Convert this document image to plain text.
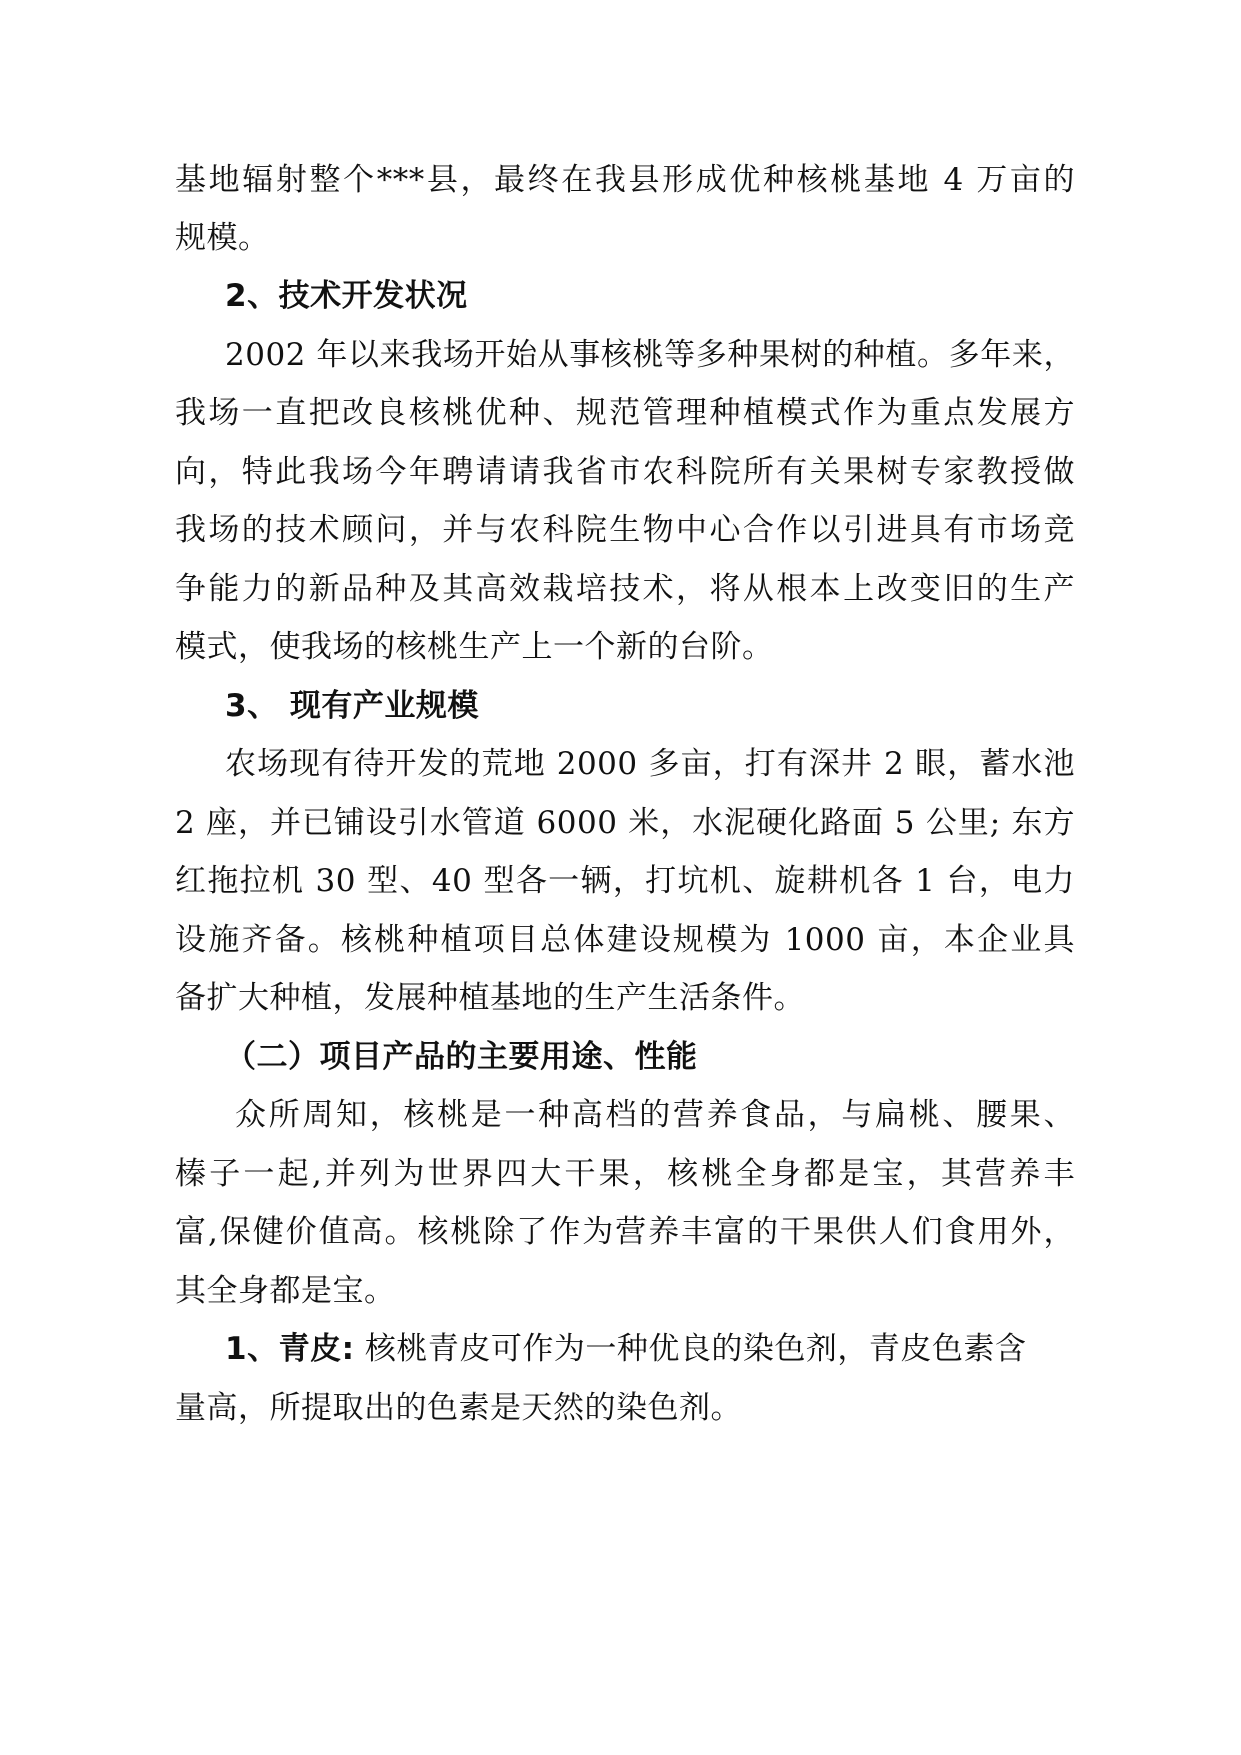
基地辐射整个***县，最终在我县形成优种核桃基地 4 万亩的
规模。
2、技术开发状况
2002 年以来我场开始从事核桃等多种果树的种植。多年来，
我场一直把改良核桃优种、规范管理种植模式作为重点发展方
向，特此我场今年聘请请我省市农科院所有关果树专家教授做
我场的技术顾问，并与农科院生物中心合作以引进具有市场竞
争能力的新品种及其高效栽培技术，将从根本上改变旧的生产
模式，使我场的核桃生产上一个新的台阶。
3、 现有产业规模
农场现有待开发的荒地 2000 多亩，打有深井 2 眼，蓄水池
2 座，并已铺设引水管道 6000 米，水泥硬化路面 5 公里; 东方
红拖拉机 30 型、40 型各一辆，打坑机、旋耕机各 1 台，电力
设施齐备。核桃种植项目总体建设规模为 1000 亩，本企业具
备扩大种植，发展种植基地的生产生活条件。
（二）项目产品的主要用途、性能
众所周知，核桃是一种高档的营养食品，与扁桃、腰果、
榛子一起,并列为世界四大干果，核桃全身都是宝，其营养丰
富,保健价值高。核桃除了作为营养丰富的干果供人们食用外，
其全身都是宝。
1、青皮: 核桃青皮可作为一种优良的染色剂，青皮色素含
量高，所提取出的色素是天然的染色剂。
